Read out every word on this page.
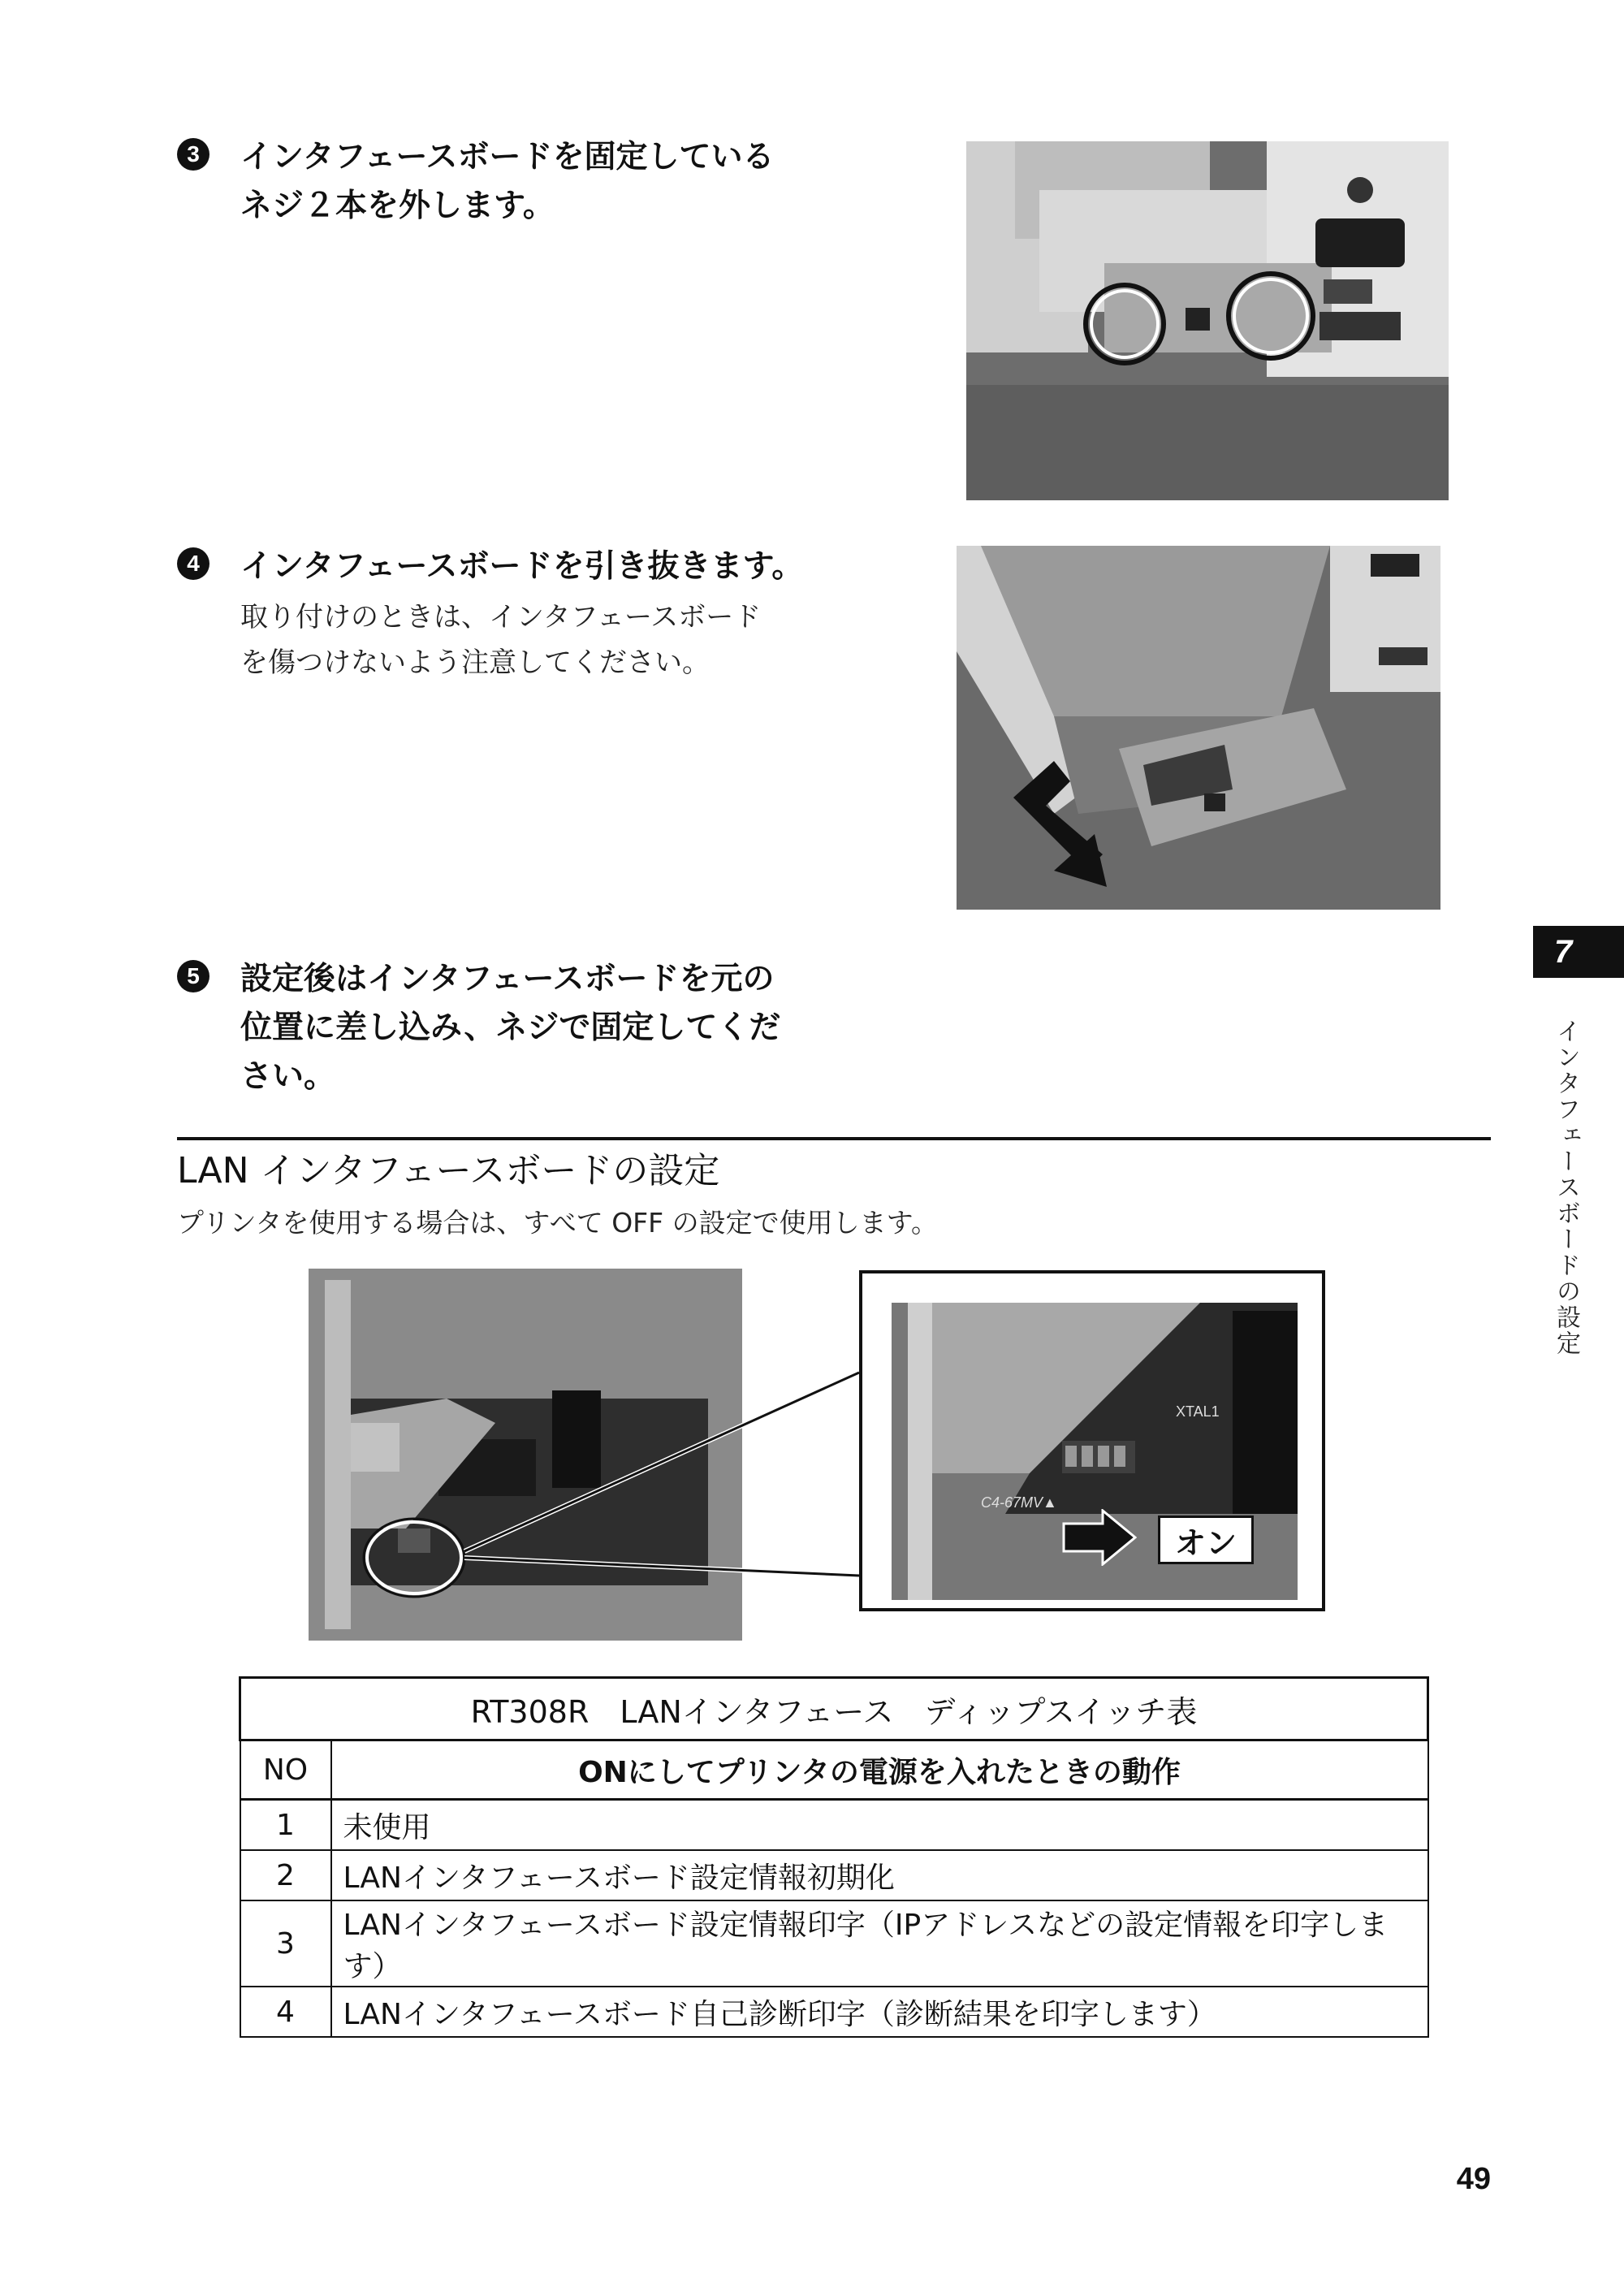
3	インタフェースボードを固定している
ネジ２本を外します。
4	インタフェースボードを引き抜きます。
取り付けのときは、インタフェースボード
を傷つけないよう注意してください。
5	設定後はインタフェースボードを元の
位置に差し込み、ネジで固定してくだ
さい。
7
インタフェースボードの設定
LAN インタフェースボードの設定
プリンタを使用する場合は、すべて OFF の設定で使用します。
XTAL1
C4-67MV▲
オン
RT308R　LANインタフェース　ディップスイッチ表	
NO	ONにしてプリンタの電源を入れたときの動作
1	未使用
2	LANインタフェースボード設定情報初期化
3	LANインタフェースボード設定情報印字（IPアドレスなどの設定情報を印字します）
4	LANインタフェースボード自己診断印字（診断結果を印字します）
49
